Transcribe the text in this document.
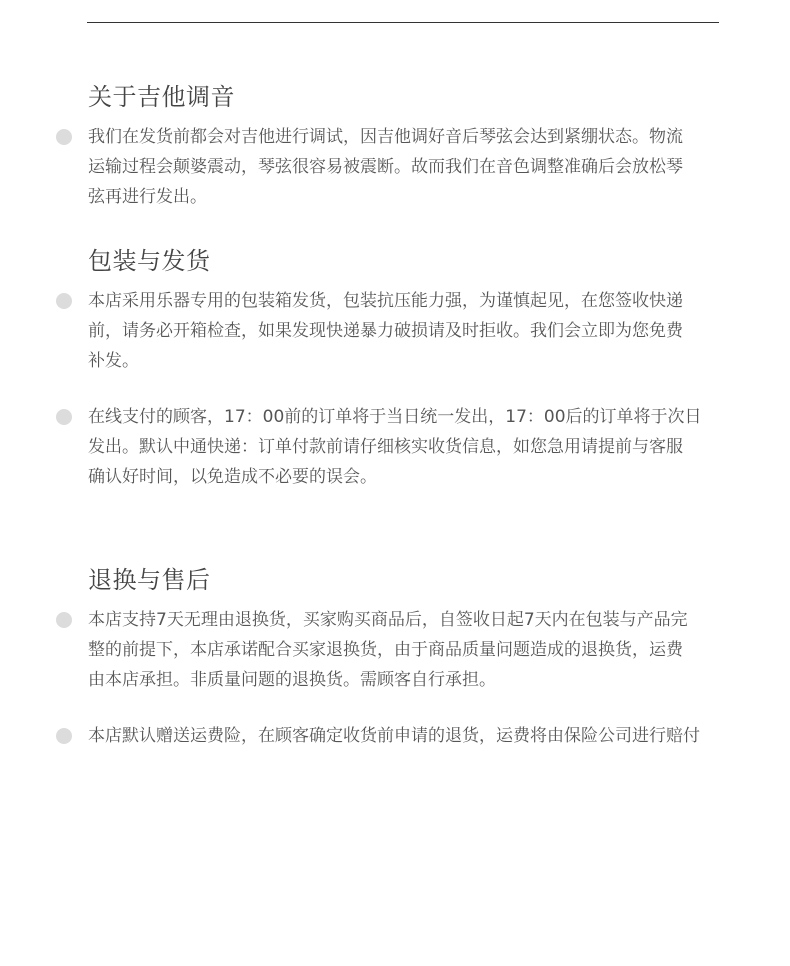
关于吉他调音

我们在发货前都会对吉他进行调试，因吉他调好音后琴弦会达到紧绷状态。物流
运输过程会颠婆震动，琴弦很容易被震断。故而我们在音色调整准确后会放松琴
弦再进行发出。

包装与发货

本店采用乐器专用的包装箱发货，包装抗压能力强，为谨慎起见，在您签收快递
前，请务必开箱检查，如果发现快递暴力破损请及时拒收。我们会立即为您免费
补发。

在线支付的顾客，17：00前的订单将于当日统一发出，17：00后的订单将于次日
发出。默认中通快递：订单付款前请仔细核实收货信息，如您急用请提前与客服
确认好时间，以免造成不必要的误会。

退换与售后

本店支持7天无理由退换货，买家购买商品后，自签收日起7天内在包装与产品完
整的前提下，本店承诺配合买家退换货，由于商品质量问题造成的退换货，运费
由本店承担。非质量问题的退换货。需顾客自行承担。

本店默认赠送运费险，在顾客确定收货前申请的退货，运费将由保险公司进行赔付
